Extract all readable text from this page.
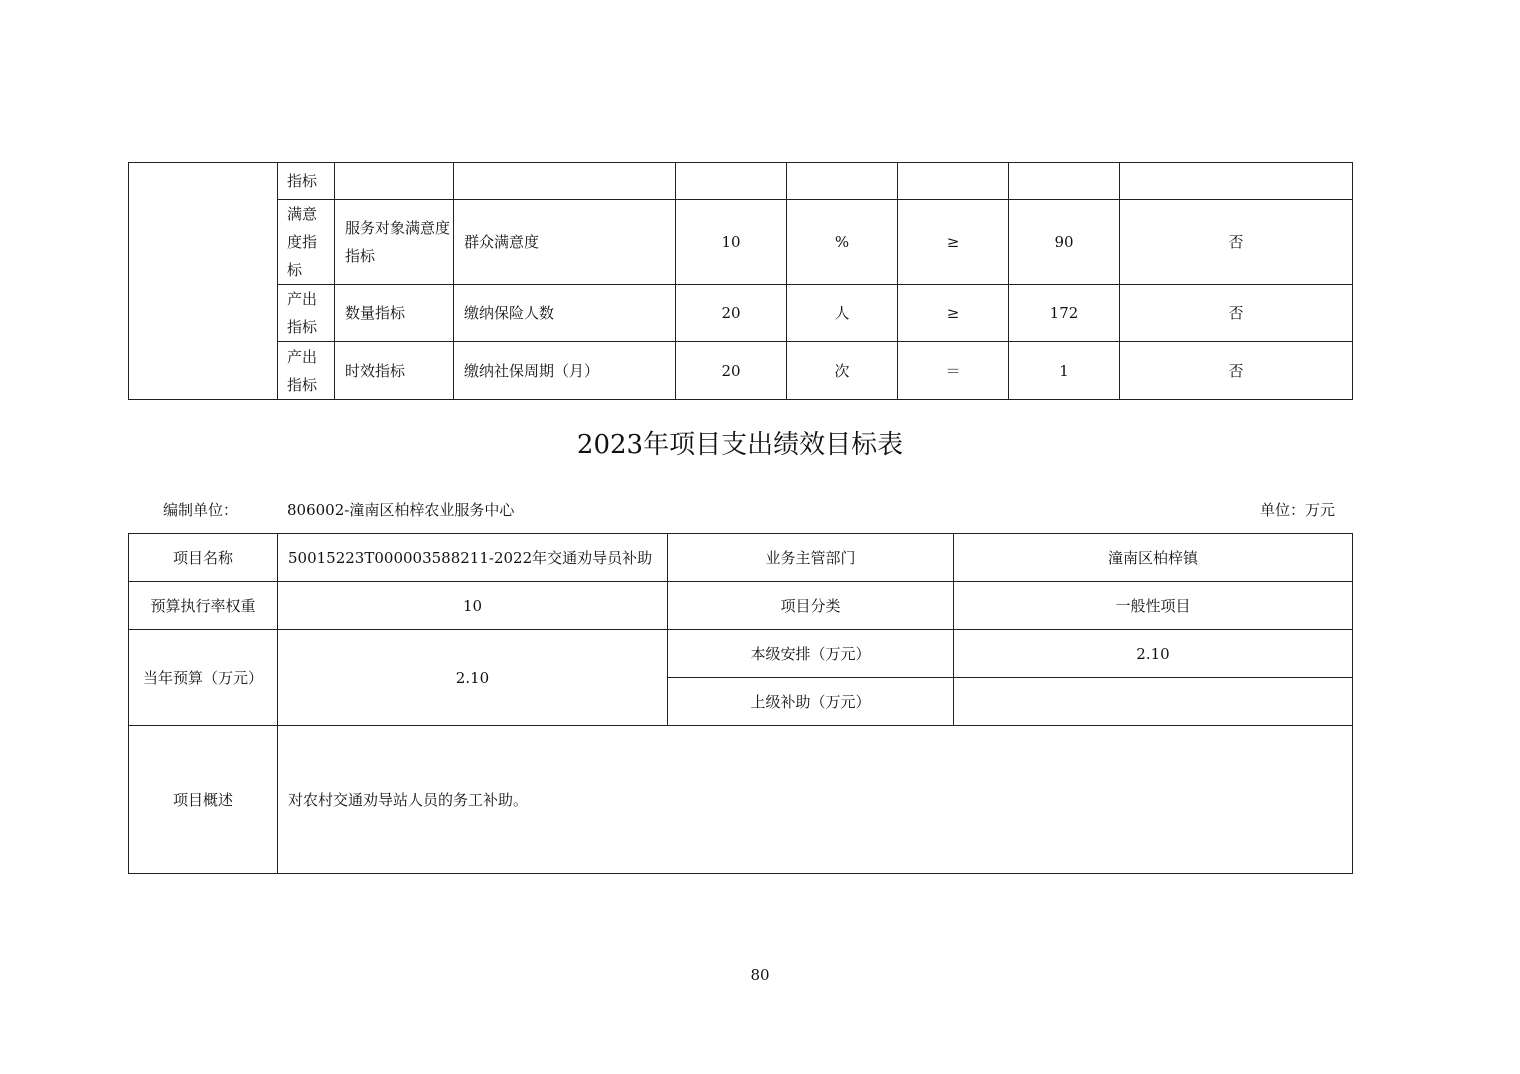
	指标							
	满意度指标	服务对象满意度指标	群众满意度	10	%	≥	90	否
	产出指标	数量指标	缴纳保险人数	20	人	≥	172	否
	产出指标	时效指标	缴纳社保周期（月）	20	次	＝	1	否
2023年项目支出绩效目标表
编制单位：	806002-潼南区柏梓农业服务中心	单位：万元
项目名称	50015223T000003588211-2022年交通劝导员补助	业务主管部门	潼南区柏梓镇
预算执行率权重	10	项目分类	一般性项目
当年预算（万元）	2.10	本级安排（万元）	2.10
		上级补助（万元）	
项目概述	对农村交通劝导站人员的务工补助。		
80
